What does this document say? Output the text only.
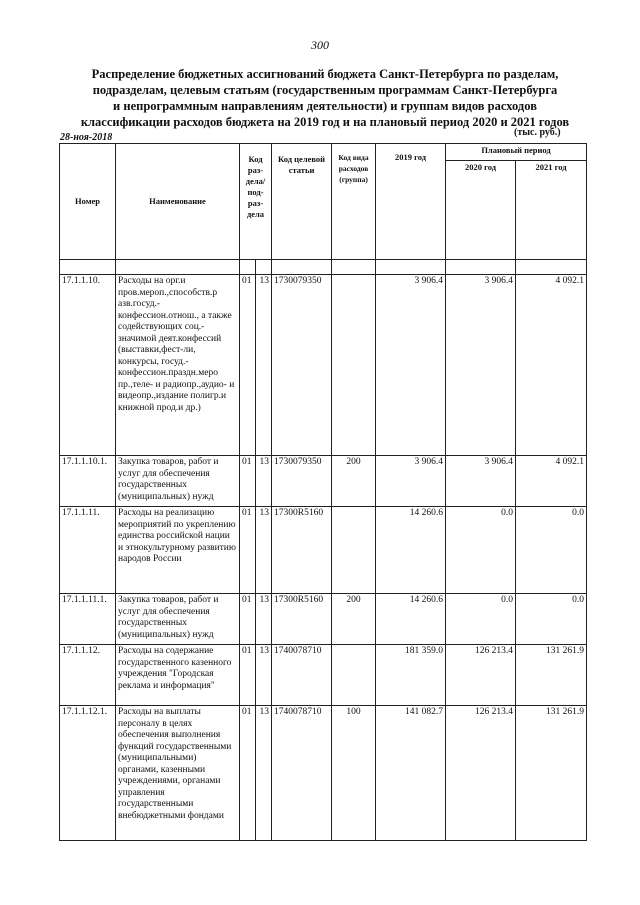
300
Распределение бюджетных ассигнований бюджета Санкт-Петербурга по разделам,
подразделам, целевым статьям (государственным программам Санкт-Петербурга
и непрограммным направлениям деятельности) и группам видов расходов
классификации расходов бюджета на 2019 год и на плановый период 2020 и 2021 годов
28-ноя-2018	(тыс. руб.)
Номер	Наименование	Код раз- дела/ под- раз- дела		Код целевой статьи	Код вида расходов (группа)	2019 год	Плановый период	
							2020 год	2021 год

17.1.1.10.	Расходы на орг.и пров.мероп.,способств.р азв.госуд.-конфессион.отнош., а также содействующих соц.-значимой деят.конфессий (выставки,фест-ли, конкурсы, госуд.-конфессион.праздн.меро пр.,теле- и радиопр.,аудио- и видеопр.,издание полигр.и книжной прод.и др.)	01	13	1730079350		3 906.4	3 906.4	4 092.1
17.1.1.10.1.	Закупка товаров, работ и услуг для обеспечения государственных (муниципальных) нужд	01	13	1730079350	200	3 906.4	3 906.4	4 092.1
17.1.1.11.	Расходы на реализацию мероприятий по укреплению единства российской нации и этнокультурному развитию народов России	01	13	17300R5160		14 260.6	0.0	0.0
17.1.1.11.1.	Закупка товаров, работ и услуг для обеспечения государственных (муниципальных) нужд	01	13	17300R5160	200	14 260.6	0.0	0.0
17.1.1.12.	Расходы на содержание государственного казенного учреждения "Городская реклама и информация"	01	13	1740078710		181 359.0	126 213.4	131 261.9
17.1.1.12.1.	Расходы на выплаты персоналу в целях обеспечения выполнения функций государственными (муниципальными) органами, казенными учреждениями, органами управления государственными внебюджетными фондами	01	13	1740078710	100	141 082.7	126 213.4	131 261.9
